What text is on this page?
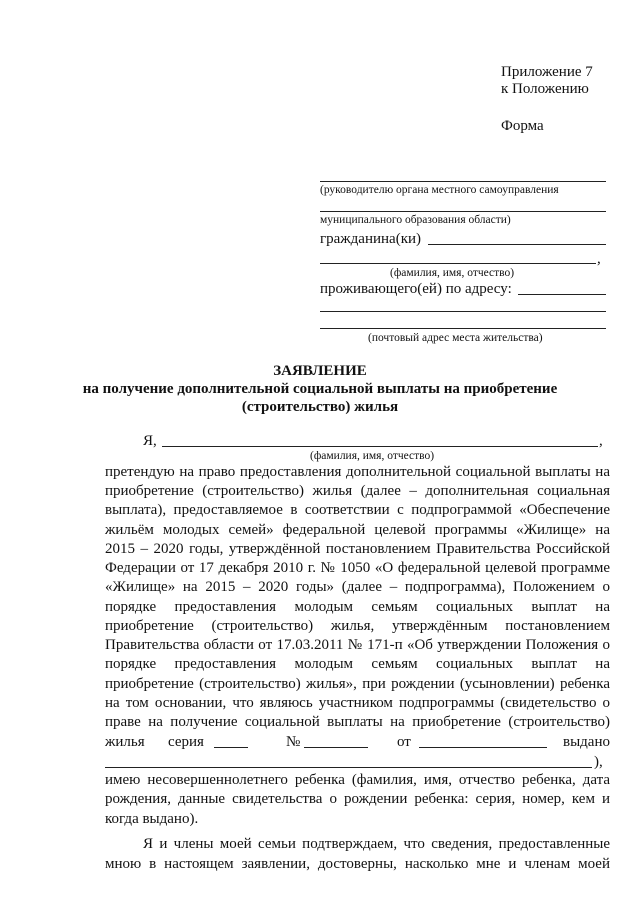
Приложение 7
к Положению
Форма
(руководителю органа местного самоуправления
муниципального образования области)
гражданина(ки)
,
(фамилия, имя, отчество)
проживающего(ей) по адресу:
(почтовый адрес места жительства)
ЗАЯВЛЕНИЕ
на получение дополнительной социальной выплаты на приобретение
(строительство) жилья
Я,	,
(фамилия, имя, отчество)
претендую на право предоставления дополнительной социальной выплаты на
приобретение (строительство) жилья (далее – дополнительная социальная
выплата), предоставляемое в соответствии с подпрограммой «Обеспечение
жильём молодых семей» федеральной целевой программы «Жилище» на
2015 – 2020 годы, утверждённой постановлением Правительства Российской
Федерации от 17 декабря 2010 г. № 1050 «О федеральной целевой программе
«Жилище» на 2015 – 2020 годы» (далее – подпрограмма), Положением о
порядке предоставления молодым семьям социальных выплат на
приобретение (строительство) жилья, утверждённым постановлением
Правительства области от 17.03.2011 № 171-п «Об утверждении Положения о
порядке предоставления молодым семьям социальных выплат на
приобретение (строительство) жилья», при рождении (усыновлении) ребенка
на том основании, что являюсь участником подпрограммы (свидетельство о
праве на получение социальной выплаты на приобретение (строительство)
жилья серия	№	от	выдано
),
имею несовершеннолетнего ребенка (фамилия, имя, отчество ребенка, дата
рождения, данные свидетельства о рождении ребенка: серия, номер, кем и
когда выдано).
Я и члены моей семьи подтверждаем, что сведения, предоставленные
мною в настоящем заявлении, достоверны, насколько мне и членам моей
